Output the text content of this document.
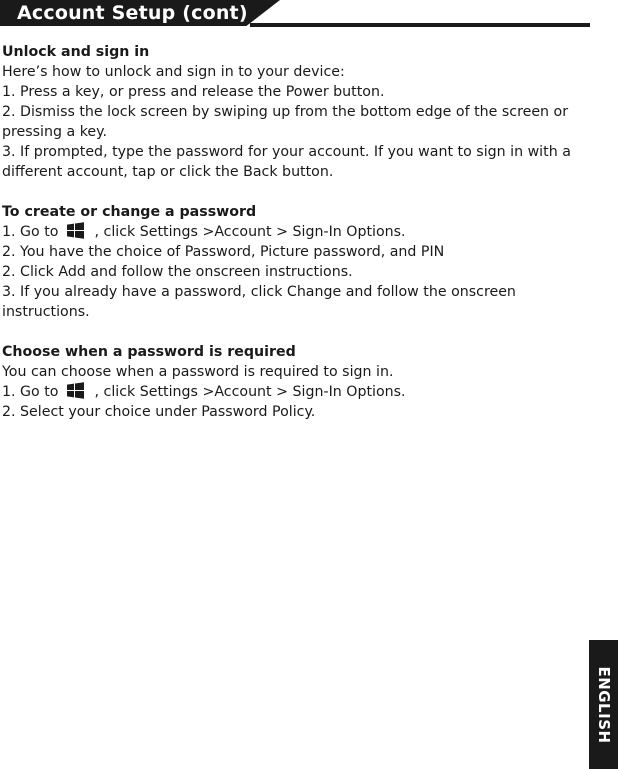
Account Setup (cont)
Unlock and sign in
Here’s how to unlock and sign in to your device:
1. Press a key, or press and release the Power button.
2. Dismiss the lock screen by swiping up from the bottom edge of the screen or pressing a key.
3. If prompted, type the password for your account. If you want to sign in with a different account, tap or click the Back button.
To create or change a password
1. Go to	, click Settings >Account > Sign-In Options.
2. You have the choice of Password, Picture password, and PIN
2. Click Add and follow the onscreen instructions.
3. If you already have a password, click Change and follow the onscreen instructions.
Choose when a password is required
You can choose when a password is required to sign in.
1. Go to	, click Settings >Account > Sign-In Options.
2. Select your choice under Password Policy.
ENGLISH
